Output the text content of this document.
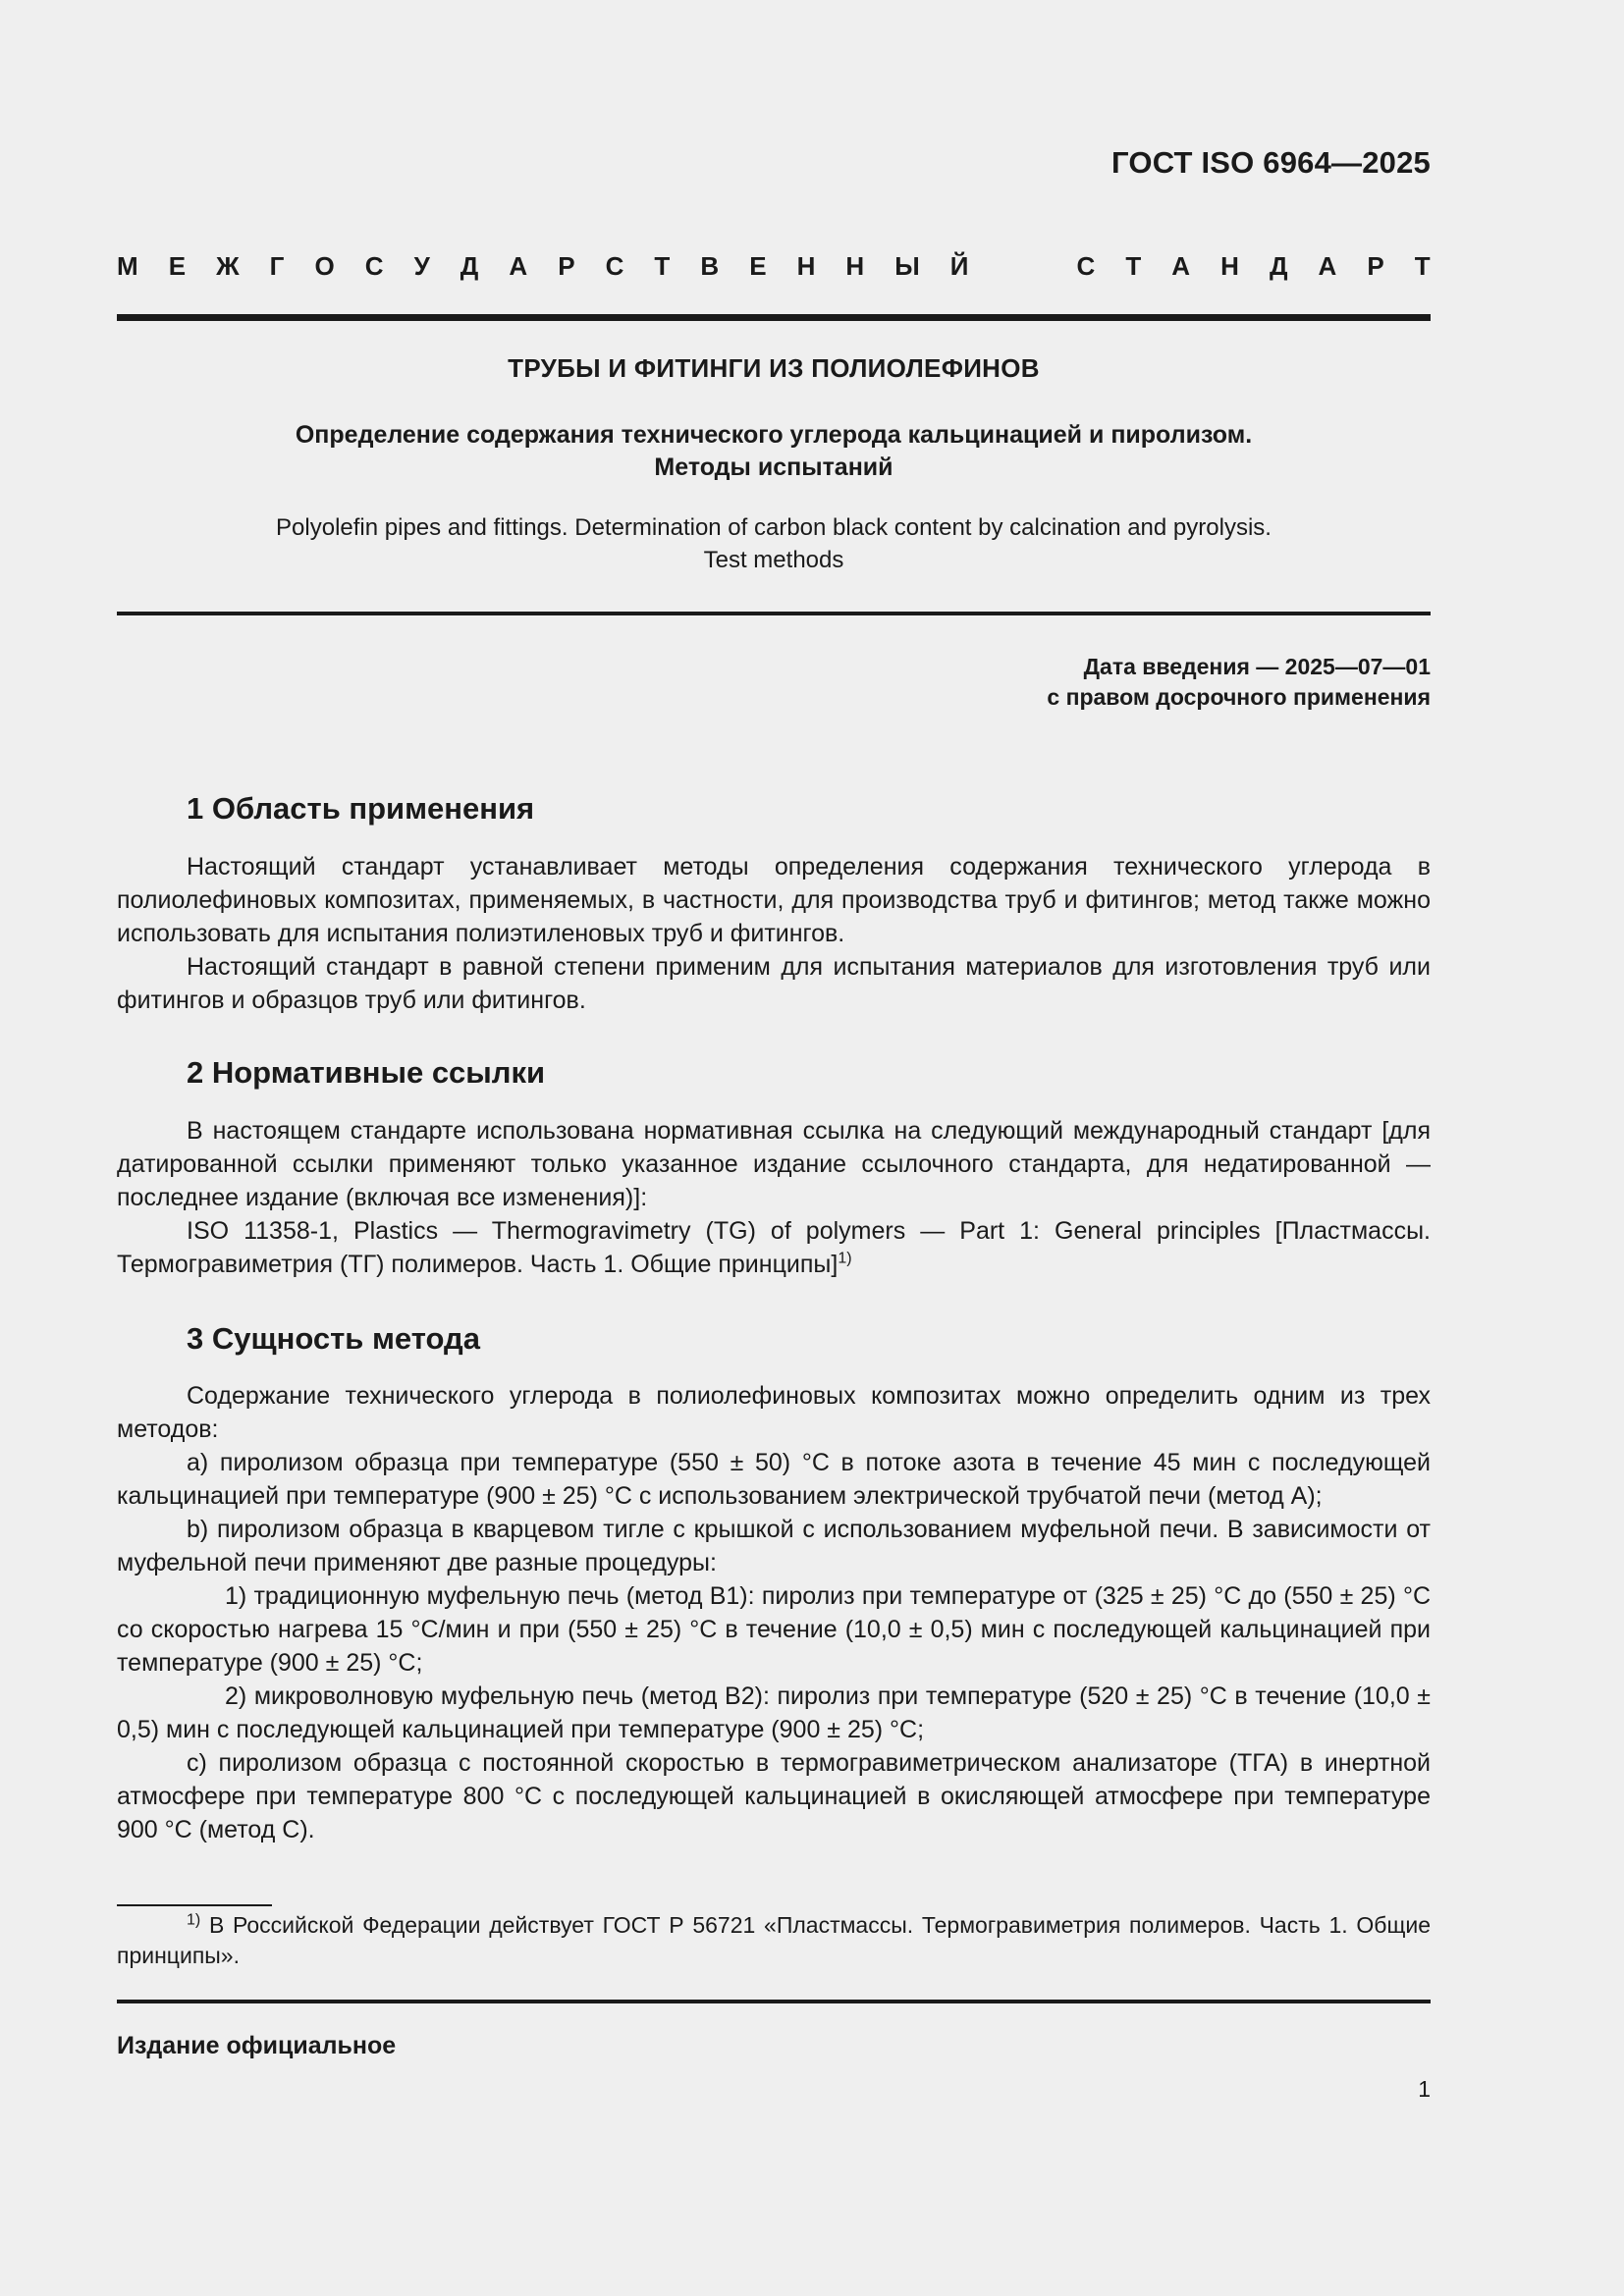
ГОСТ ISO 6964—2025
М Е Ж Г О С У Д А Р С Т В Е Н Н Ы Й	С Т А Н Д А Р Т
ТРУБЫ И ФИТИНГИ ИЗ ПОЛИОЛЕФИНОВ
Определение содержания технического углерода кальцинацией и пиролизом.
Методы испытаний
Polyolefin pipes and fittings. Determination of carbon black content by calcination and pyrolysis.
Test methods
Дата введения — 2025—07—01
с правом досрочного применения
1 Область применения

Настоящий стандарт устанавливает методы определения содержания технического углерода в полиолефиновых композитах, применяемых, в частности, для производства труб и фитингов; метод также можно использовать для испытания полиэтиленовых труб и фитингов.

Настоящий стандарт в равной степени применим для испытания материалов для изготовления труб или фитингов и образцов труб или фитингов.

2 Нормативные ссылки

В настоящем стандарте использована нормативная ссылка на следующий международный стандарт [для датированной ссылки применяют только указанное издание ссылочного стандарта, для недатированной — последнее издание (включая все изменения)]:

ISO 11358-1, Plastics — Thermogravimetry (TG) of polymers — Part 1: General principles [Пластмассы. Термогравиметрия (ТГ) полимеров. Часть 1. Общие принципы]$^{1)}$

3 Сущность метода

Содержание технического углерода в полиолефиновых композитах можно определить одним из трех методов:

a) пиролизом образца при температуре (550 ± 50) °С в потоке азота в течение 45 мин с последующей кальцинацией при температуре (900 ± 25) °С с использованием электрической трубчатой печи (метод А);

b) пиролизом образца в кварцевом тигле с крышкой с использованием муфельной печи. В зависимости от муфельной печи применяют две разные процедуры:

1) традиционную муфельную печь (метод В1): пиролиз при температуре от (325 ± 25) °С до (550 ± 25) °С со скоростью нагрева 15 °С/мин и при (550 ± 25) °С в течение (10,0 ± 0,5) мин с последующей кальцинацией при температуре (900 ± 25) °С;

2) микроволновую муфельную печь (метод В2): пиролиз при температуре (520 ± 25) °С в течение (10,0 ± 0,5) мин с последующей кальцинацией при температуре (900 ± 25) °С;

c) пиролизом образца с постоянной скоростью в термогравиметрическом анализаторе (ТГА) в инертной атмосфере при температуре 800 °С с последующей кальцинацией в окисляющей атмосфере при температуре 900 °С (метод С).

$^{1)}$ В Российской Федерации действует ГОСТ Р 56721 «Пластмассы. Термогравиметрия полимеров. Часть 1. Общие принципы».

Издание официальное
1
